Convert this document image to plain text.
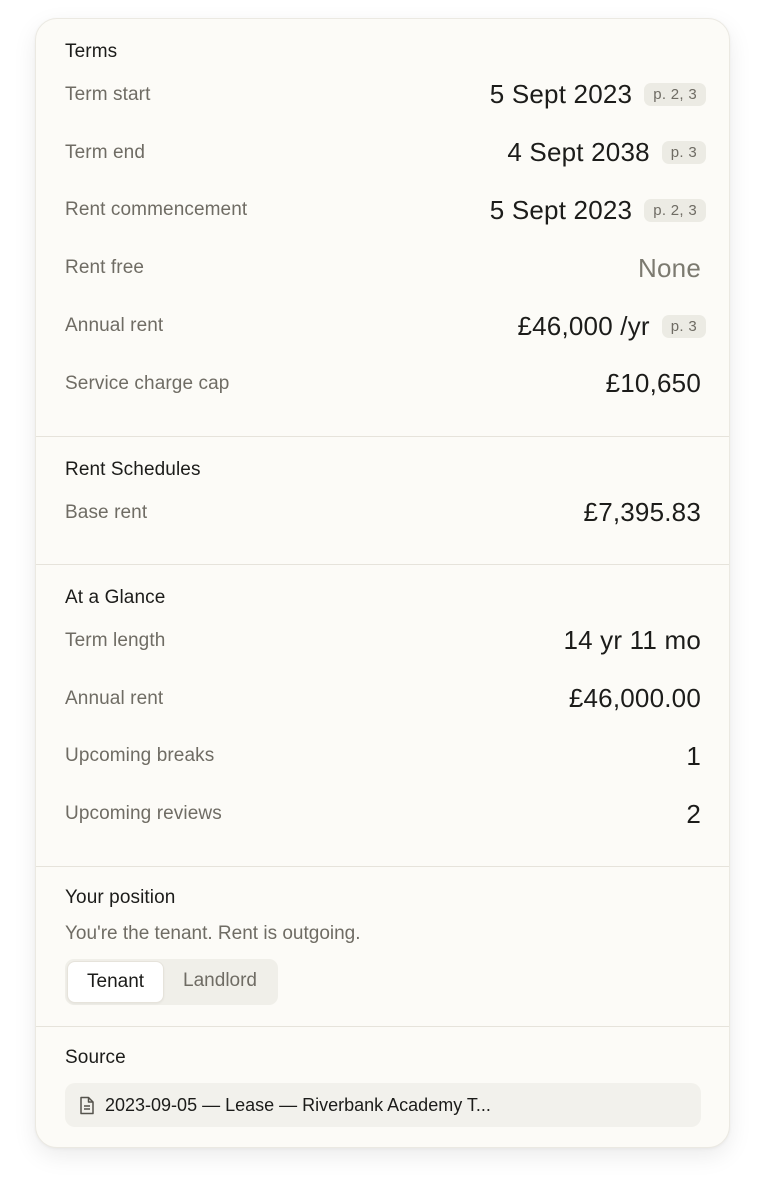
Terms
Term start	5 Sept 2023	p. 2, 3
Term end	4 Sept 2038	p. 3
Rent commencement	5 Sept 2023	p. 2, 3
Rent free	None
Annual rent	£46,000 /yr	p. 3
Service charge cap	£10,650
Rent Schedules
Base rent	£7,395.83
At a Glance
Term length	14 yr 11 mo
Annual rent	£46,000.00
Upcoming breaks	1
Upcoming reviews	2
Your position
You're the tenant. Rent is outgoing.
Tenant	Landlord
Source
2023-09-05 — Lease — Riverbank Academy T...
